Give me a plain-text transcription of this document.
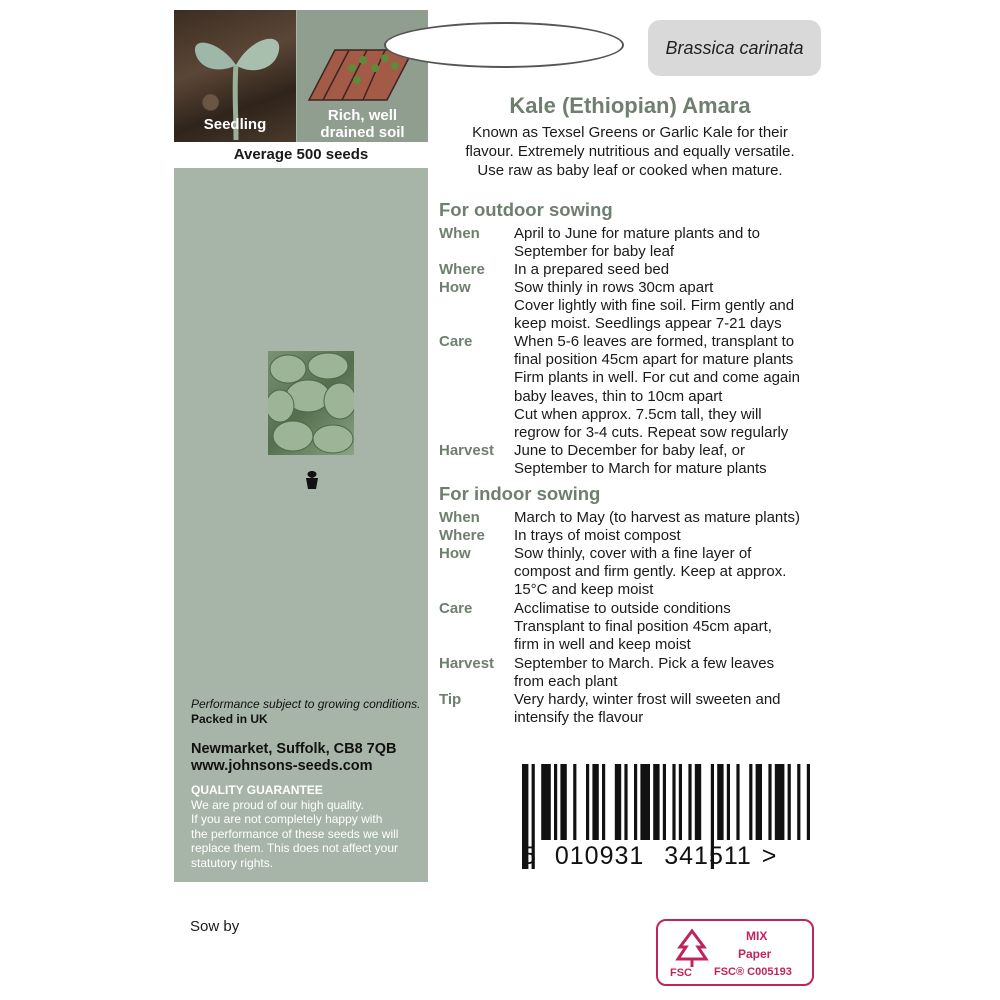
Seedling
Rich, well
drained soil
Average 500 seeds

Performance subject to growing conditions.

Packed in UK

Newmarket, Suffolk, CB8 7QB
www.johnsons-seeds.com
QUALITY GUARANTEE
We are proud of our high quality.
If you are not completely happy with
the performance of these seeds we will
replace them. This does not affect your
statutory rights.
Sow by
Brassica carinata
Kale (Ethiopian) Amara
Known as Texsel Greens or Garlic Kale for their
flavour. Extremely nutritious and equally versatile.
Use raw as baby leaf or cooked when mature.
For outdoor sowing
When April to June for mature plants and to
September for baby leaf
Where In a prepared seed bed
How	Sow thinly in rows 30cm apart
Cover lightly with fine soil. Firm gently and
keep moist. Seedlings appear 7-21 days
Care	When 5-6 leaves are formed, transplant to
final position 45cm apart for mature plants
Firm plants in well. For cut and come again
baby leaves, thin to 10cm apart
Cut when approx. 7.5cm tall, they will
regrow for 3-4 cuts. Repeat sow regularly
Harvest June to December for baby leaf, or
September to March for mature plants
For indoor sowing
When March to May (to harvest as mature plants)
Where In trays of moist compost
How	Sow thinly, cover with a fine layer of
compost and firm gently. Keep at approx.
15°C and keep moist
Care	Acclimatise to outside conditions
Transplant to final position 45cm apart,
firm in well and keep moist
Harvest September to March. Pick a few leaves
from each plant
Tip	Very hardy, winter frost will sweeten and
intensify the flavour
5 010931 341511 >
FSC
MIX
Paper
FSC® C005193
